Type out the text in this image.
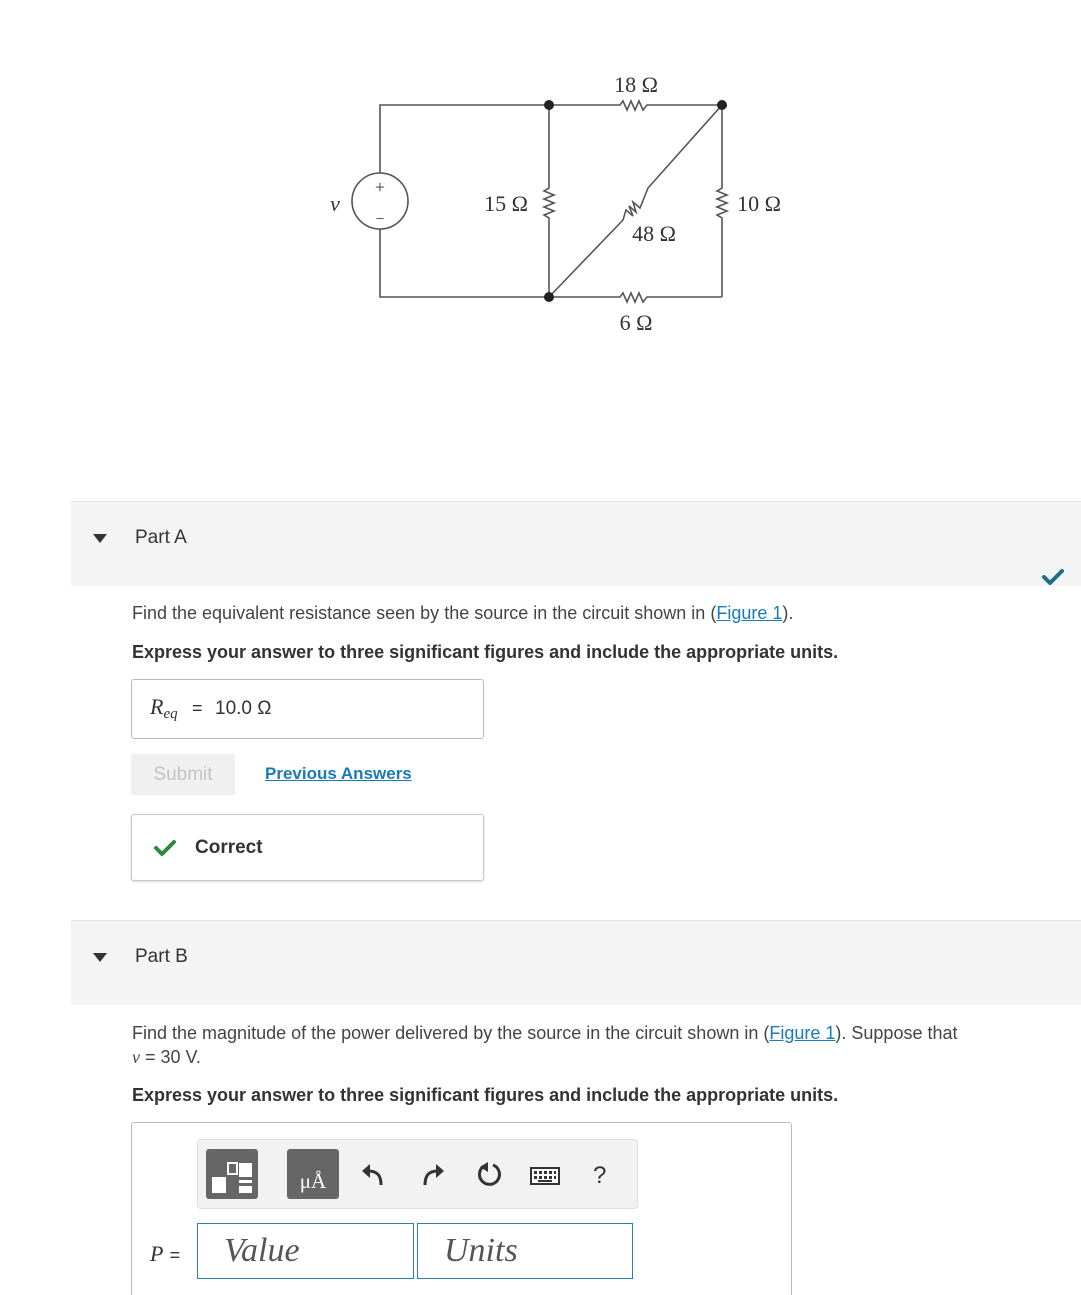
+
−
v
18 Ω
15 Ω
48 Ω
10 Ω
6 Ω
Part A
Find the equivalent resistance seen by the source in the circuit shown in (Figure 1).
Express your answer to three significant figures and include the appropriate units.
$R_{eq} = 10.0$ Ω
Submit	Previous Answers
Correct
Part B
Find the magnitude of the power delivered by the source in the circuit shown in (Figure 1). Suppose that
v = 30 V.
Express your answer to three significant figures and include the appropriate units.
μÅ	?
P = Value	Units
